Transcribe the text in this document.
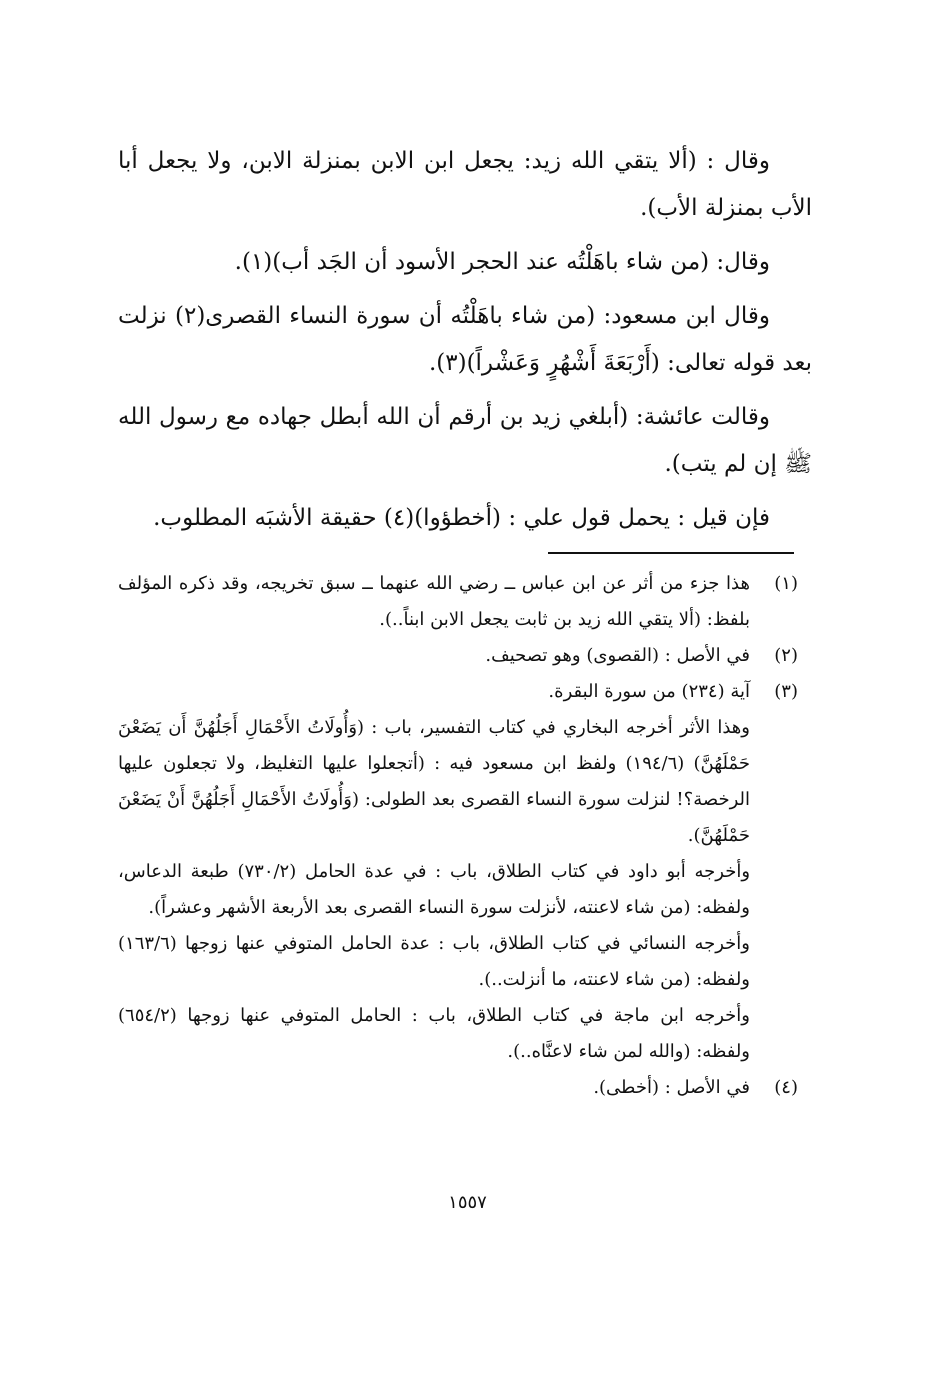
وقال : (ألا يتقي الله زيد: يجعل ابن الابن بمنزلة الابن، ولا يجعل أبا الأب بمنزلة الأب).

وقال: (من شاء باهَلْتُه عند الحجر الأسود أن الجَد أب)(١).

وقال ابن مسعود: (من شاء باهَلْتُه أن سورة النساء القصرى(٢) نزلت بعد قوله تعالى: (أَرْبَعَةَ أَشْهُرٍ وَعَشْراً)(٣).

وقالت عائشة: (أبلغي زيد بن أرقم أن الله أبطل جهاده مع رسول الله ﷺ إن لم يتب).

فإن قيل : يحمل قول علي : (أخطؤوا)(٤) حقيقة الأشبَه المطلوب.

(١)
هذا جزء من أثر عن ابن عباس ــ رضي الله عنهما ــ سبق تخريجه، وقد ذكره المؤلف بلفظ: (ألا يتقي الله زيد بن ثابت يجعل الابن ابناً..).
(٢)
في الأصل : (القصوى) وهو تصحيف.
(٣)
آية (٢٣٤) من سورة البقرة.
وهذا الأثر أخرجه البخاري في كتاب التفسير، باب : (وَأُولَاتُ الأَحْمَالِ أَجَلُهُنَّ أَن يَضَعْنَ حَمْلَهُنَّ) (١٩٤/٦) ولفظ ابن مسعود فيه : (أتجعلوا عليها التغليظ، ولا تجعلون عليها الرخصة؟! لنزلت سورة النساء القصرى بعد الطولى: (وَأُولَاتُ الأَحْمَالِ أَجَلُهُنَّ أَنْ يَضَعْنَ حَمْلَهُنَّ).
وأخرجه أبو داود في كتاب الطلاق، باب : في عدة الحامل (٧٣٠/٢) طبعة الدعاس، ولفظه: (من شاء لاعنته، لأنزلت سورة النساء القصرى بعد الأربعة الأشهر وعشراً).
وأخرجه النسائي في كتاب الطلاق، باب : عدة الحامل المتوفي عنها زوجها (١٦٣/٦) ولفظه: (من شاء لاعنته، ما أنزلت..).
وأخرجه ابن ماجة في كتاب الطلاق، باب : الحامل المتوفي عنها زوجها (٦٥٤/٢) ولفظه: (والله لمن شاء لاعنَّاه..).
(٤)
في الأصل : (أخطى).
١٥٥٧
